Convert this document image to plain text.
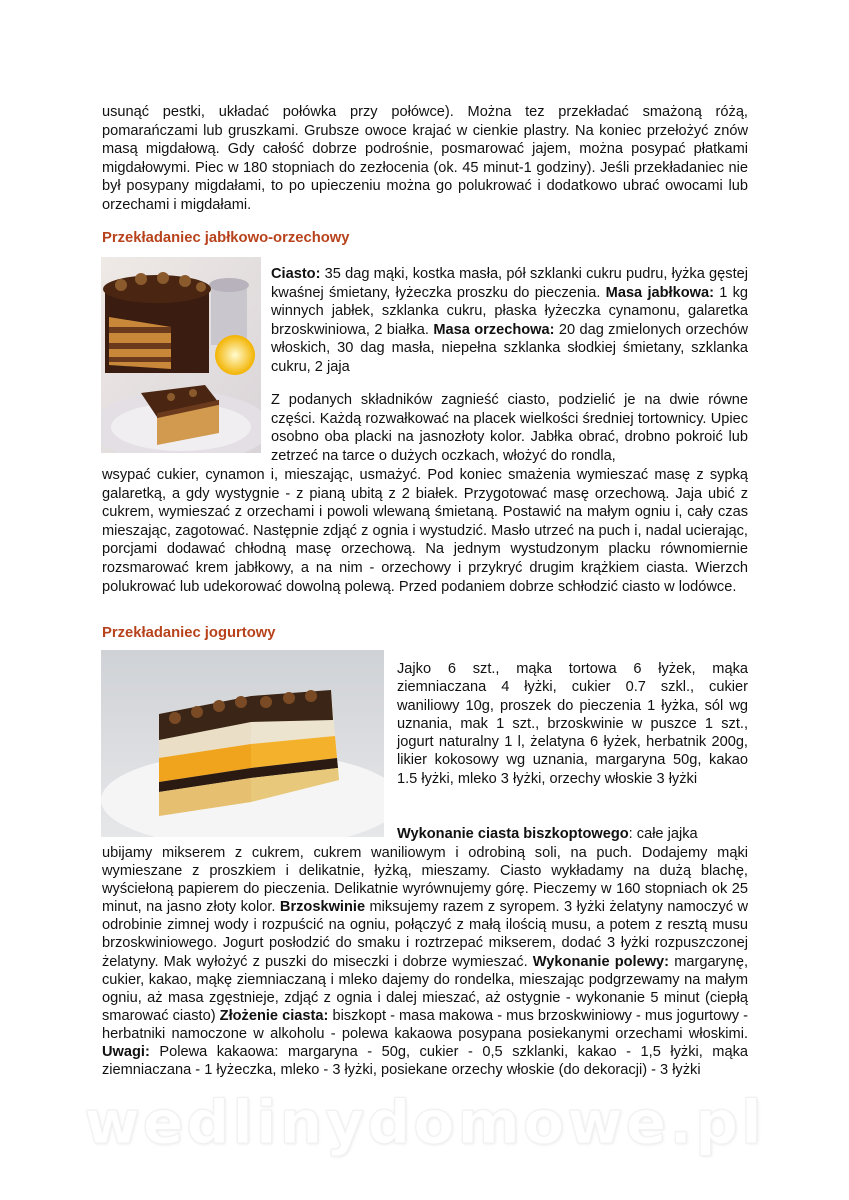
usunąć pestki, układać połówka przy połówce). Można tez przekładać smażoną różą, pomarańczami lub gruszkami. Grubsze owoce krajać w cienkie plastry. Na koniec przełożyć znów masą migdałową. Gdy całość dobrze podrośnie, posmarować jajem, można posypać płatkami migdałowymi. Piec w 180 stopniach do zezłocenia (ok. 45 minut-1 godziny). Jeśli przekładaniec nie był posypany migdałami, to po upieczeniu można go polukrować i dodatkowo ubrać owocami lub orzechami i migdałami.

Przekładaniec jabłkowo-orzechowy

Ciasto: 35 dag mąki, kostka masła, pół szklanki cukru pudru, łyżka gęstej kwaśnej śmietany, łyżeczka proszku do pieczenia. Masa jabłkowa: 1 kg winnych jabłek, szklanka cukru, płaska łyżeczka cynamonu, galaretka brzoskwiniowa, 2 białka. Masa orzechowa: 20 dag zmielonych orzechów włoskich, 30 dag masła, niepełna szklanka słodkiej śmietany, szklanka cukru, 2 jaja

Z podanych składników zagnieść ciasto, podzielić je na dwie równe części. Każdą rozwałkować na placek wielkości średniej tortownicy. Upiec osobno oba placki na jasnozłoty kolor. Jabłka obrać, drobno pokroić lub zetrzeć na tarce o dużych oczkach, włożyć do rondla,

wsypać cukier, cynamon i, mieszając, usmażyć. Pod koniec smażenia wymieszać masę z sypką galaretką, a gdy wystygnie - z pianą ubitą z 2 białek. Przygotować masę orzechową. Jaja ubić z cukrem, wymieszać z orzechami i powoli wlewaną śmietaną. Postawić na małym ogniu i, cały czas mieszając, zagotować. Następnie zdjąć z ognia i wystudzić. Masło utrzeć na puch i, nadal ucierając, porcjami dodawać chłodną masę orzechową. Na jednym wystudzonym placku równomiernie rozsmarować krem jabłkowy, a na nim - orzechowy i przykryć drugim krążkiem ciasta. Wierzch polukrować lub udekorować dowolną polewą. Przed podaniem dobrze schłodzić ciasto w lodówce.

Przekładaniec jogurtowy

Jajko 6 szt., mąka tortowa 6 łyżek, mąka ziemniaczana 4 łyżki, cukier 0.7 szkl., cukier waniliowy 10g, proszek do pieczenia 1 łyżka, sól wg uznania, mak 1 szt., brzoskwinie w puszce 1 szt., jogurt naturalny 1 l, żelatyna 6 łyżek, herbatnik 200g, likier kokosowy wg uznania, margaryna 50g, kakao 1.5 łyżki, mleko 3 łyżki, orzechy włoskie 3 łyżki

Wykonanie ciasta biszkoptowego: całe jajka

ubijamy mikserem z cukrem, cukrem waniliowym i odrobiną soli, na puch. Dodajemy mąki wymieszane z proszkiem i delikatnie, łyżką, mieszamy. Ciasto wykładamy na dużą blachę, wyściełoną papierem do pieczenia. Delikatnie wyrównujemy górę. Pieczemy w 160 stopniach ok 25 minut, na jasno złoty kolor. Brzoskwinie miksujemy razem z syropem. 3 łyżki żelatyny namoczyć w odrobinie zimnej wody i rozpuścić na ogniu, połączyć z małą ilością musu, a potem z resztą musu brzoskwiniowego. Jogurt posłodzić do smaku i roztrzepać mikserem, dodać 3 łyżki rozpuszczonej żelatyny. Mak wyłożyć z puszki do miseczki i dobrze wymieszać. Wykonanie polewy: margarynę, cukier, kakao, mąkę ziemniaczaną i mleko dajemy do rondelka, mieszając podgrzewamy na małym ogniu, aż masa zgęstnieje, zdjąć z ognia i dalej mieszać, aż ostygnie - wykonanie 5 minut (ciepłą smarować ciasto) Złożenie ciasta: biszkopt - masa makowa - mus brzoskwiniowy - mus jogurtowy - herbatniki namoczone w alkoholu - polewa kakaowa posypana posiekanymi orzechami włoskimi. Uwagi: Polewa kakaowa: margaryna - 50g, cukier - 0,5 szklanki, kakao - 1,5 łyżki, mąka ziemniaczana - 1 łyżeczka, mleko - 3 łyżki, posiekane orzechy włoskie (do dekoracji) - 3 łyżki

wedlinydomowe.pl
